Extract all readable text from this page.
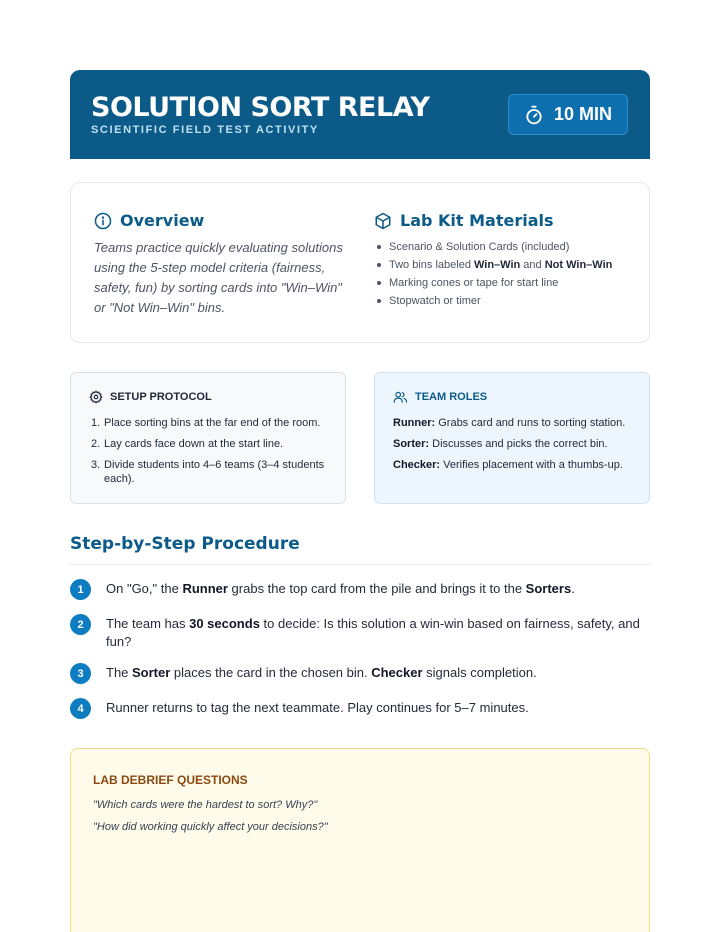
SOLUTION SORT RELAY
SCIENTIFIC FIELD TEST ACTIVITY
10 MIN
Overview
Teams practice quickly evaluating solutions using the 5-step model criteria (fairness, safety, fun) by sorting cards into "Win–Win" or "Not Win–Win" bins.
Lab Kit Materials
Scenario & Solution Cards (included)
Two bins labeled Win–Win and Not Win–Win
Marking cones or tape for start line
Stopwatch or timer
SETUP PROTOCOL
1. Place sorting bins at the far end of the room.
2. Lay cards face down at the start line.
3. Divide students into 4–6 teams (3–4 students each).
TEAM ROLES
Runner: Grabs card and runs to sorting station.
Sorter: Discusses and picks the correct bin.
Checker: Verifies placement with a thumbs-up.
Step-by-Step Procedure
1	On "Go," the Runner grabs the top card from the pile and brings it to the Sorters.
2	The team has 30 seconds to decide: Is this solution a win-win based on fairness, safety, and fun?
3	The Sorter places the card in the chosen bin. Checker signals completion.
4	Runner returns to tag the next teammate. Play continues for 5–7 minutes.
LAB DEBRIEF QUESTIONS
"Which cards were the hardest to sort? Why?"
"How did working quickly affect your decisions?"
